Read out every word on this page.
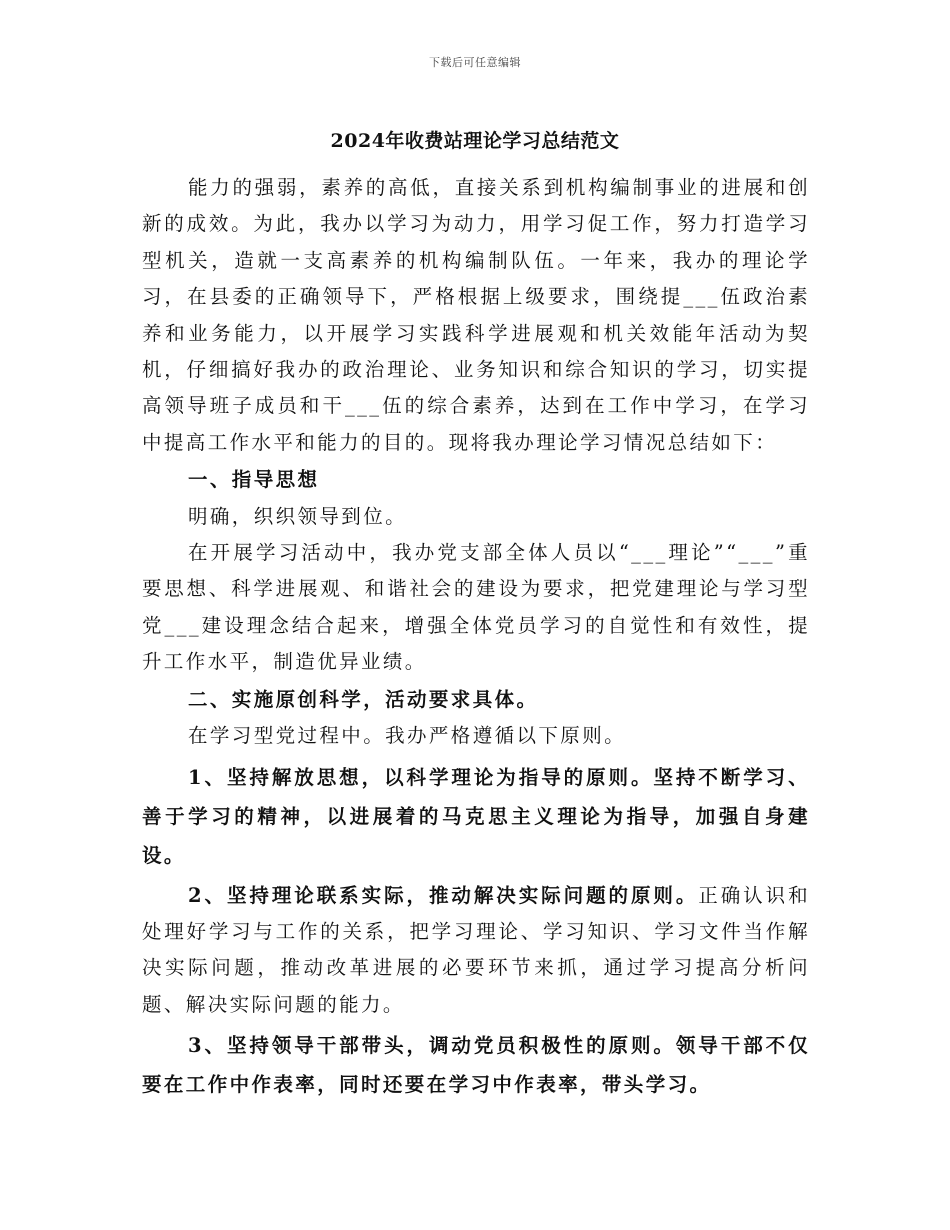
下载后可任意编辑
2024年收费站理论学习总结范文

能力的强弱，素养的高低，直接关系到机构编制事业的进展和创新的成效。为此，我办以学习为动力，用学习促工作，努力打造学习型机关，造就一支高素养的机构编制队伍。一年来，我办的理论学习，在县委的正确领导下，严格根据上级要求，围绕提___伍政治素养和业务能力，以开展学习实践科学进展观和机关效能年活动为契机，仔细搞好我办的政治理论、业务知识和综合知识的学习，切实提高领导班子成员和干___伍的综合素养，达到在工作中学习，在学习中提高工作水平和能力的目的。现将我办理论学习情况总结如下：

一、指导思想

明确，织织领导到位。

在开展学习活动中，我办党支部全体人员以“___理论”“___”重要思想、科学进展观、和谐社会的建设为要求，把党建理论与学习型党___建设理念结合起来，增强全体党员学习的自觉性和有效性，提升工作水平，制造优异业绩。

二、实施原创科学，活动要求具体。

在学习型党过程中。我办严格遵循以下原则。

1、坚持解放思想，以科学理论为指导的原则。坚持不断学习、善于学习的精神，以进展着的马克思主义理论为指导，加强自身建设。

2、坚持理论联系实际，推动解决实际问题的原则。正确认识和处理好学习与工作的关系，把学习理论、学习知识、学习文件当作解决实际问题，推动改革进展的必要环节来抓，通过学习提高分析问题、解决实际问题的能力。

3、坚持领导干部带头，调动党员积极性的原则。领导干部不仅要在工作中作表率，同时还要在学习中作表率，带头学习。
